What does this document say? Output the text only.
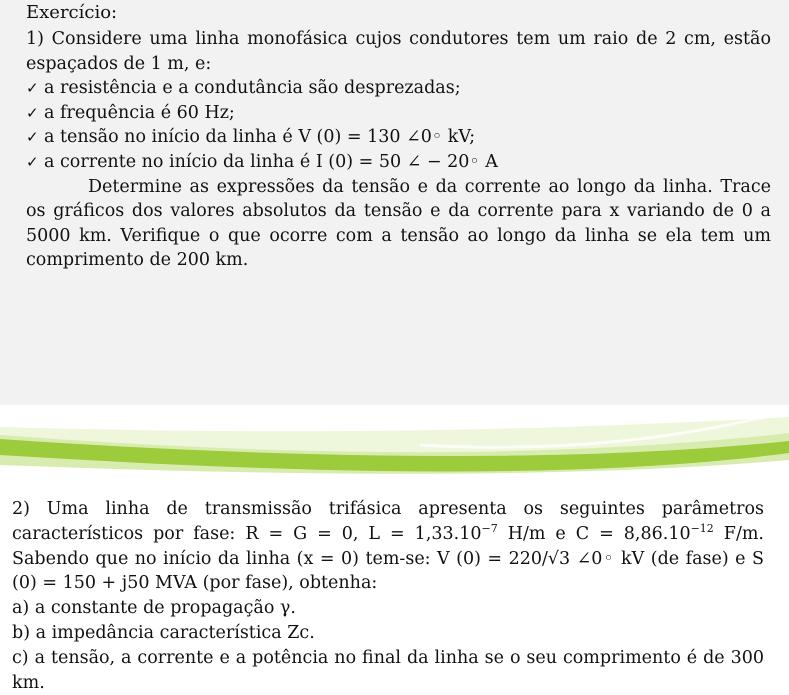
Exercício:

1) Considere uma linha monofásica cujos condutores tem um raio de 2 cm, estão espaçados de 1 m, e:

✓ a resistência e a condutância são desprezadas;
✓ a frequência é 60 Hz;
✓ a tensão no início da linha é V (0) = 130 ∠0◦ kV;
✓ a corrente no início da linha é I (0) = 50 ∠ − 20◦ A

Determine as expressões da tensão e da corrente ao longo da linha. Trace os gráficos dos valores absolutos da tensão e da corrente para x variando de 0 a 5000 km. Verifique o que ocorre com a tensão ao longo da linha se ela tem um comprimento de 200 km.

2) Uma linha de transmissão trifásica apresenta os seguintes parâmetros característicos por fase: R = G = 0, $L = 1,33.10^{-7}$ H/m e $C = 8,86.10^{-12}$ F/m. Sabendo que no início da linha (x = 0) tem-se: V (0) = 220/√3 ∠0◦ kV (de fase) e S (0) = 150 + j50 MVA (por fase), obtenha:

a) a constante de propagação γ.

b) a impedância característica Zc.

c) a tensão, a corrente e a potência no final da linha se o seu comprimento é de 300 km.
